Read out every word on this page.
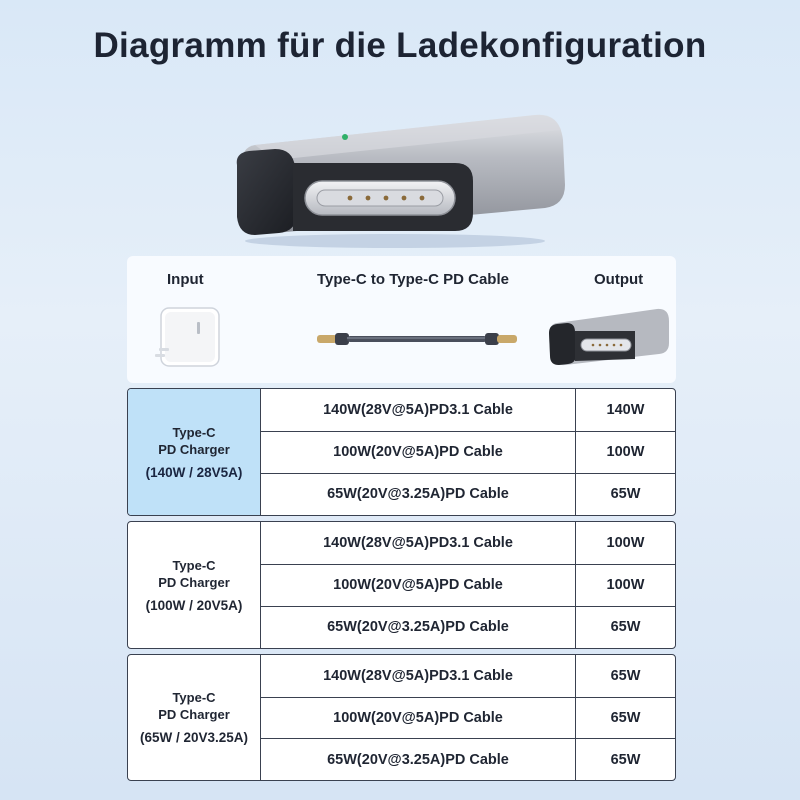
Diagramm für die Ladekonfiguration
Input	Type-C to Type-C PD Cable	Output
Type-C
PD Charger
(140W / 28V5A)
140W(28V@5A)PD3.1 Cable	140W
100W(20V@5A)PD Cable	100W
65W(20V@3.25A)PD Cable	65W
Type-C
PD Charger
(100W / 20V5A)
140W(28V@5A)PD3.1 Cable	100W
100W(20V@5A)PD Cable	100W
65W(20V@3.25A)PD Cable	65W
Type-C
PD Charger
(65W / 20V3.25A)
140W(28V@5A)PD3.1 Cable	65W
100W(20V@5A)PD Cable	65W
65W(20V@3.25A)PD Cable	65W
